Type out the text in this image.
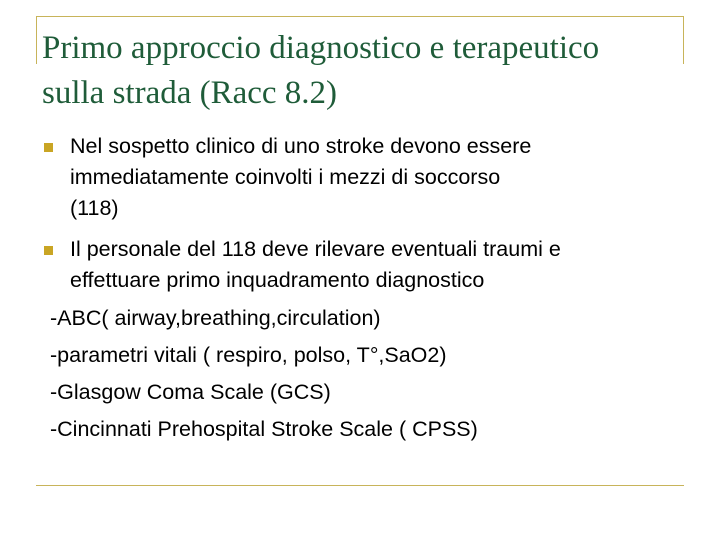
Primo approccio diagnostico e terapeutico
sulla strada (Racc 8.2)
Nel sospetto clinico di uno stroke devono essere
immediatamente coinvolti i mezzi di soccorso
(118)
Il personale del 118 deve rilevare eventuali traumi e
effettuare primo inquadramento diagnostico
-ABC( airway,breathing,circulation)
-parametri vitali ( respiro, polso, T°,SaO2)
-Glasgow Coma Scale (GCS)
-Cincinnati Prehospital Stroke Scale ( CPSS)
